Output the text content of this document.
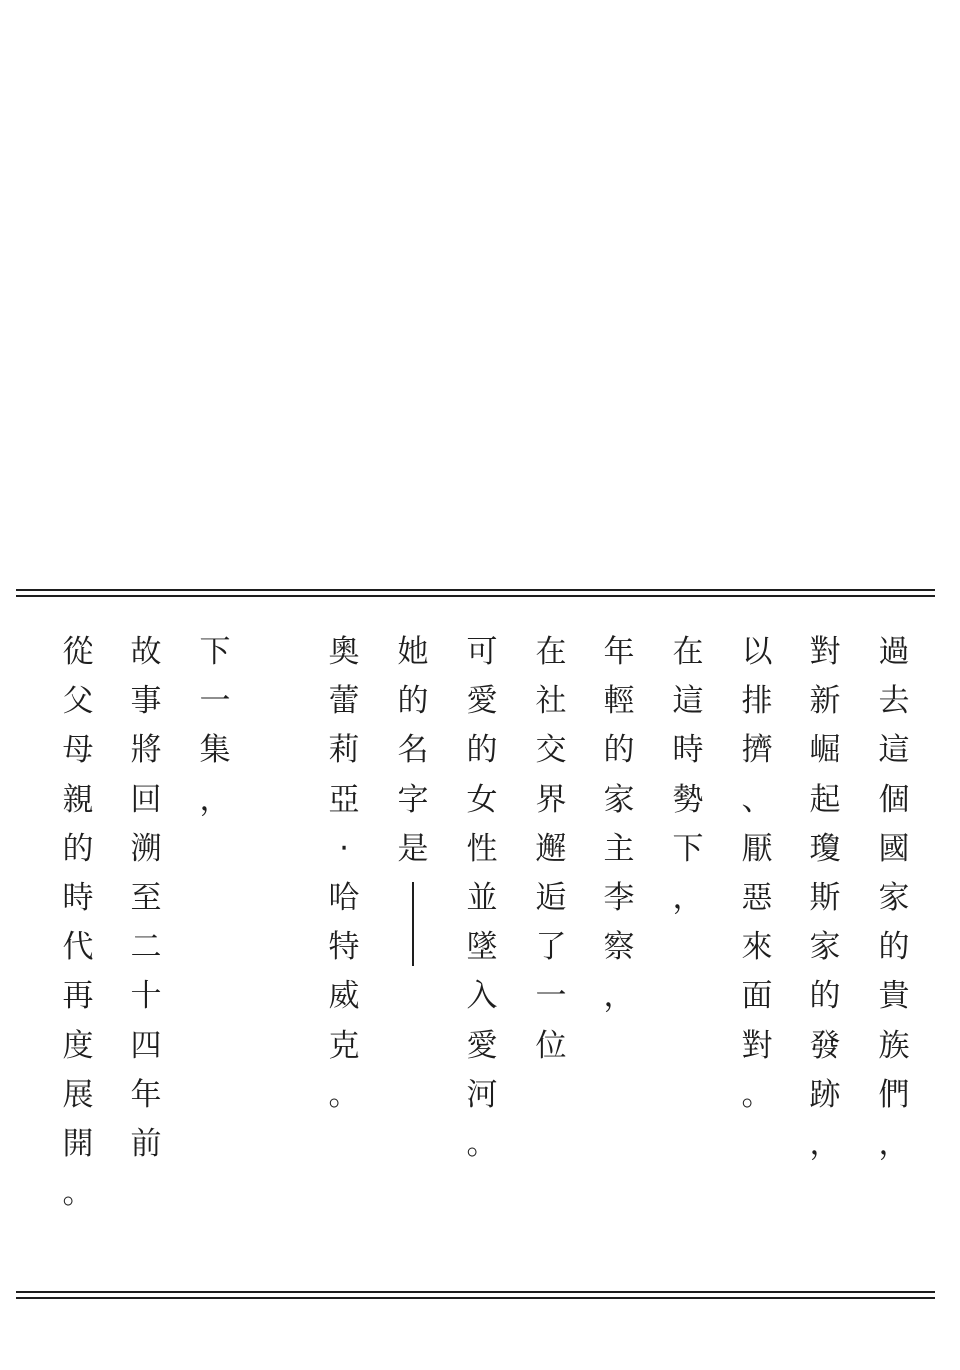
過
去
這
個
國
家
的
貴
族
們
，
對
新
崛
起
瓊
斯
家
的
發
跡
，
以
排
擠
、
厭
惡
來
面
對
。
在
這
時
勢
下
，
年
輕
的
家
主
李
察
，
在
社
交
界
邂
逅
了
一
位
可
愛
的
女
性
並
墜
入
愛
河
。
她
的
名
字
是
奧
蕾
莉
亞
‧
哈
特
威
克
。
下
一
集
，
故
事
將
回
溯
至
二
十
四
年
前
從
父
母
親
的
時
代
再
度
展
開
。
